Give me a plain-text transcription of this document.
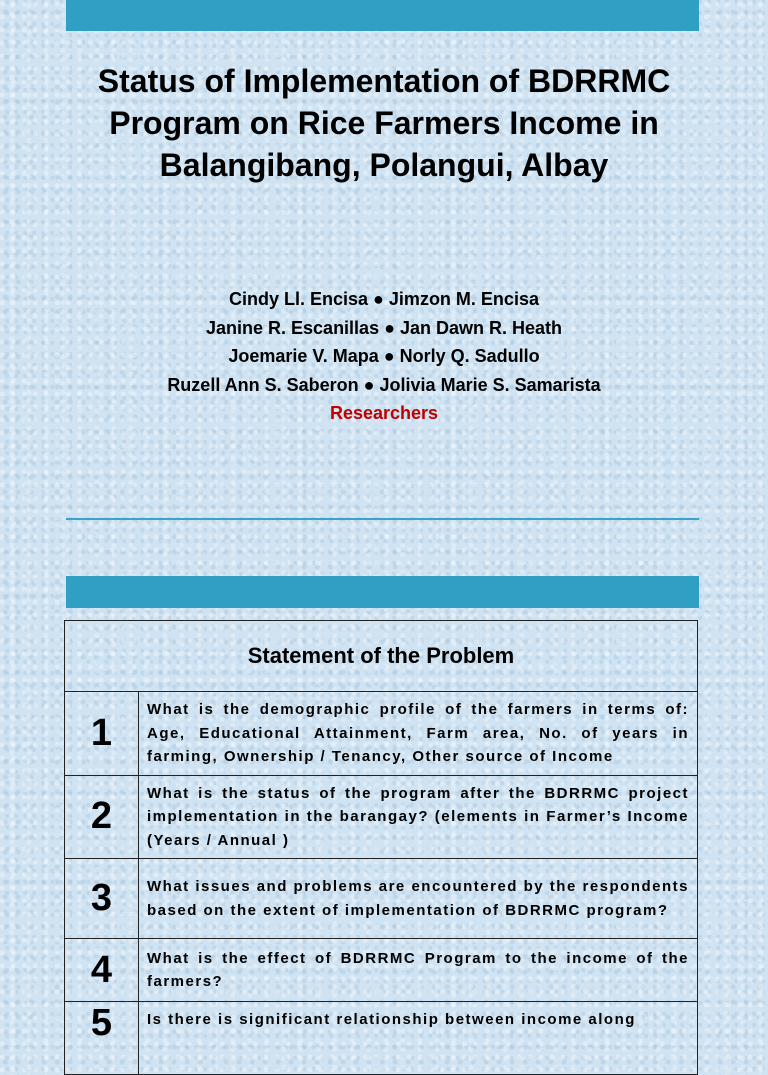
Status of Implementation of BDRRMC Program on Rice Farmers Income in Balangibang, Polangui, Albay
Cindy Ll. Encisa ● Jimzon M. Encisa
Janine R. Escanillas ● Jan Dawn R. Heath
Joemarie V. Mapa ● Norly Q. Sadullo
Ruzell Ann S. Saberon ● Jolivia Marie S. Samarista
Researchers
Statement of the Problem	
1	What is the demographic profile of the farmers in terms of: Age, Educational Attainment, Farm area, No. of years in farming, Ownership / Tenancy, Other source of Income
2	What is the status of the program after the BDRRMC project implementation in the barangay? (elements in Farmer’s Income (Years / Annual )
3	What issues and problems are encountered by the respondents based on the extent of implementation of BDRRMC program?
4	What is the effect of BDRRMC Program to the income of the farmers?
5	Is there is significant relationship between income along
